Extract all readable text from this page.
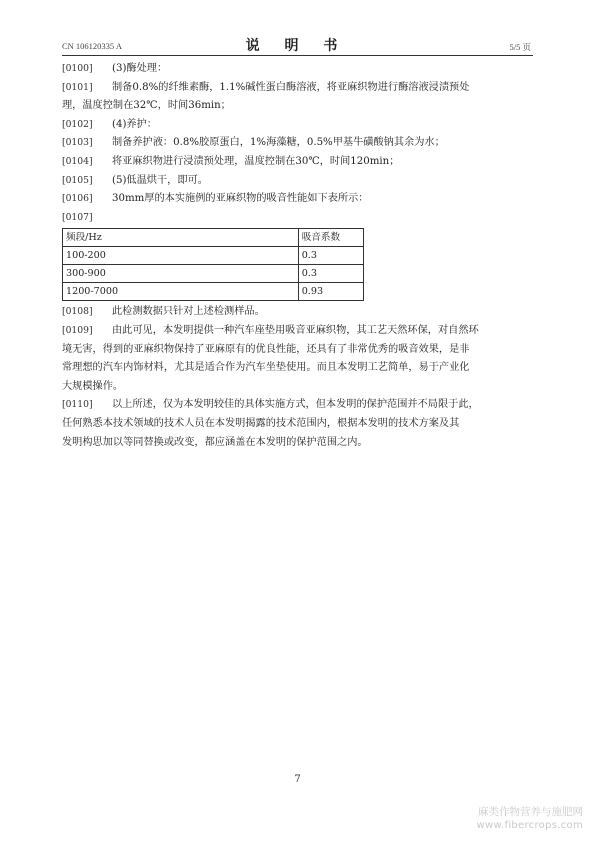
CN 106120335 A	说 明 书	5/5 页
[0100] (3)酶处理：
[0101]	制备0.8%的纤维素酶，1.1%碱性蛋白酶溶液，将亚麻织物进行酶溶液浸渍预处
理，温度控制在32℃，时间36min；
[0102] (4)养护：
[0103] 制备养护液：0.8%胶原蛋白，1%海藻糖，0.5%甲基牛磺酸钠其余为水；
[0104] 将亚麻织物进行浸渍预处理，温度控制在30℃，时间120min；
[0105] (5)低温烘干，即可。
[0106] 30mm厚的本实施例的亚麻织物的吸音性能如下表所示：
[0107]
频段/Hz	吸音系数
100-200	0.3
300-900	0.3
1200-7000	0.93
[0108] 此检测数据只针对上述检测样品。
[0109]	由此可见，本发明提供一种汽车座垫用吸音亚麻织物，其工艺天然环保，对自然环
境无害，得到的亚麻织物保持了亚麻原有的优良性能，还具有了非常优秀的吸音效果，是非
常理想的汽车内饰材料，尤其是适合作为汽车坐垫使用。而且本发明工艺简单，易于产业化
大规模操作。
[0110]	以上所述，仅为本发明较佳的具体实施方式，但本发明的保护范围并不局限于此，
任何熟悉本技术领域的技术人员在本发明揭露的技术范围内，根据本发明的技术方案及其
发明构思加以等同替换或改变，都应涵盖在本发明的保护范围之内。
7
麻类作物营养与施肥网
www.fibercrops.com
